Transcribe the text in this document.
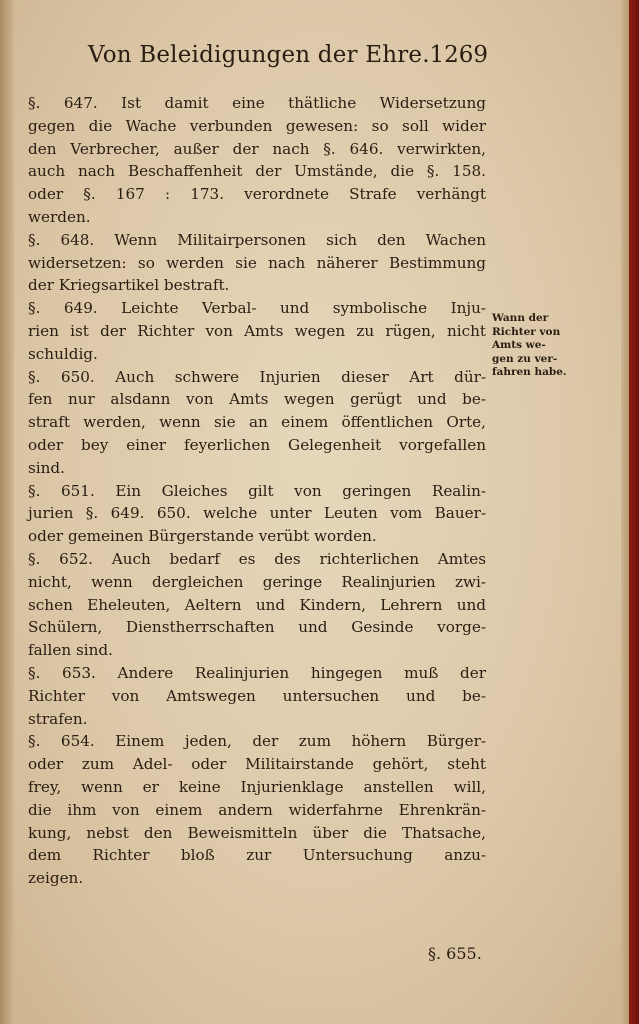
Von Beleidigungen der Ehre. 1269
§. 647. Ist damit eine thätliche Widersetzung
gegen die Wache verbunden gewesen: so soll wider
den Verbrecher, außer der nach §. 646. verwirkten,
auch nach Beschaffenheit der Umstände, die §. 158.
oder §. 167 : 173. verordnete Strafe verhängt
werden.
§. 648. Wenn Militairpersonen sich den Wachen
widersetzen: so werden sie nach näherer Bestimmung
der Kriegsartikel bestraft.
§. 649. Leichte Verbal- und symbolische Inju-
rien ist der Richter von Amts wegen zu rügen, nicht
schuldig.
§. 650. Auch schwere Injurien dieser Art dür-
fen nur alsdann von Amts wegen gerügt und be-
straft werden, wenn sie an einem öffentlichen Orte,
oder bey einer feyerlichen Gelegenheit vorgefallen
sind.
§. 651. Ein Gleiches gilt von geringen Realin-
jurien §. 649. 650. welche unter Leuten vom Bauer-
oder gemeinen Bürgerstande verübt worden.
§. 652. Auch bedarf es des richterlichen Amtes
nicht, wenn dergleichen geringe Realinjurien zwi-
schen Eheleuten, Aeltern und Kindern, Lehrern und
Schülern, Dienstherrschaften und Gesinde vorge-
fallen sind.
§. 653. Andere Realinjurien hingegen muß der
Richter von Amtswegen untersuchen und be-
strafen.
§. 654. Einem jeden, der zum höhern Bürger-
oder zum Adel- oder Militairstande gehört, steht
frey, wenn er keine Injurienklage anstellen will,
die ihm von einem andern widerfahrne Ehrenkrän-
kung, nebst den Beweismitteln über die Thatsache,
dem Richter bloß zur Untersuchung anzu-
zeigen.
Wann der
Richter von
Amts we-
gen zu ver-
fahren habe.
§. 655.
